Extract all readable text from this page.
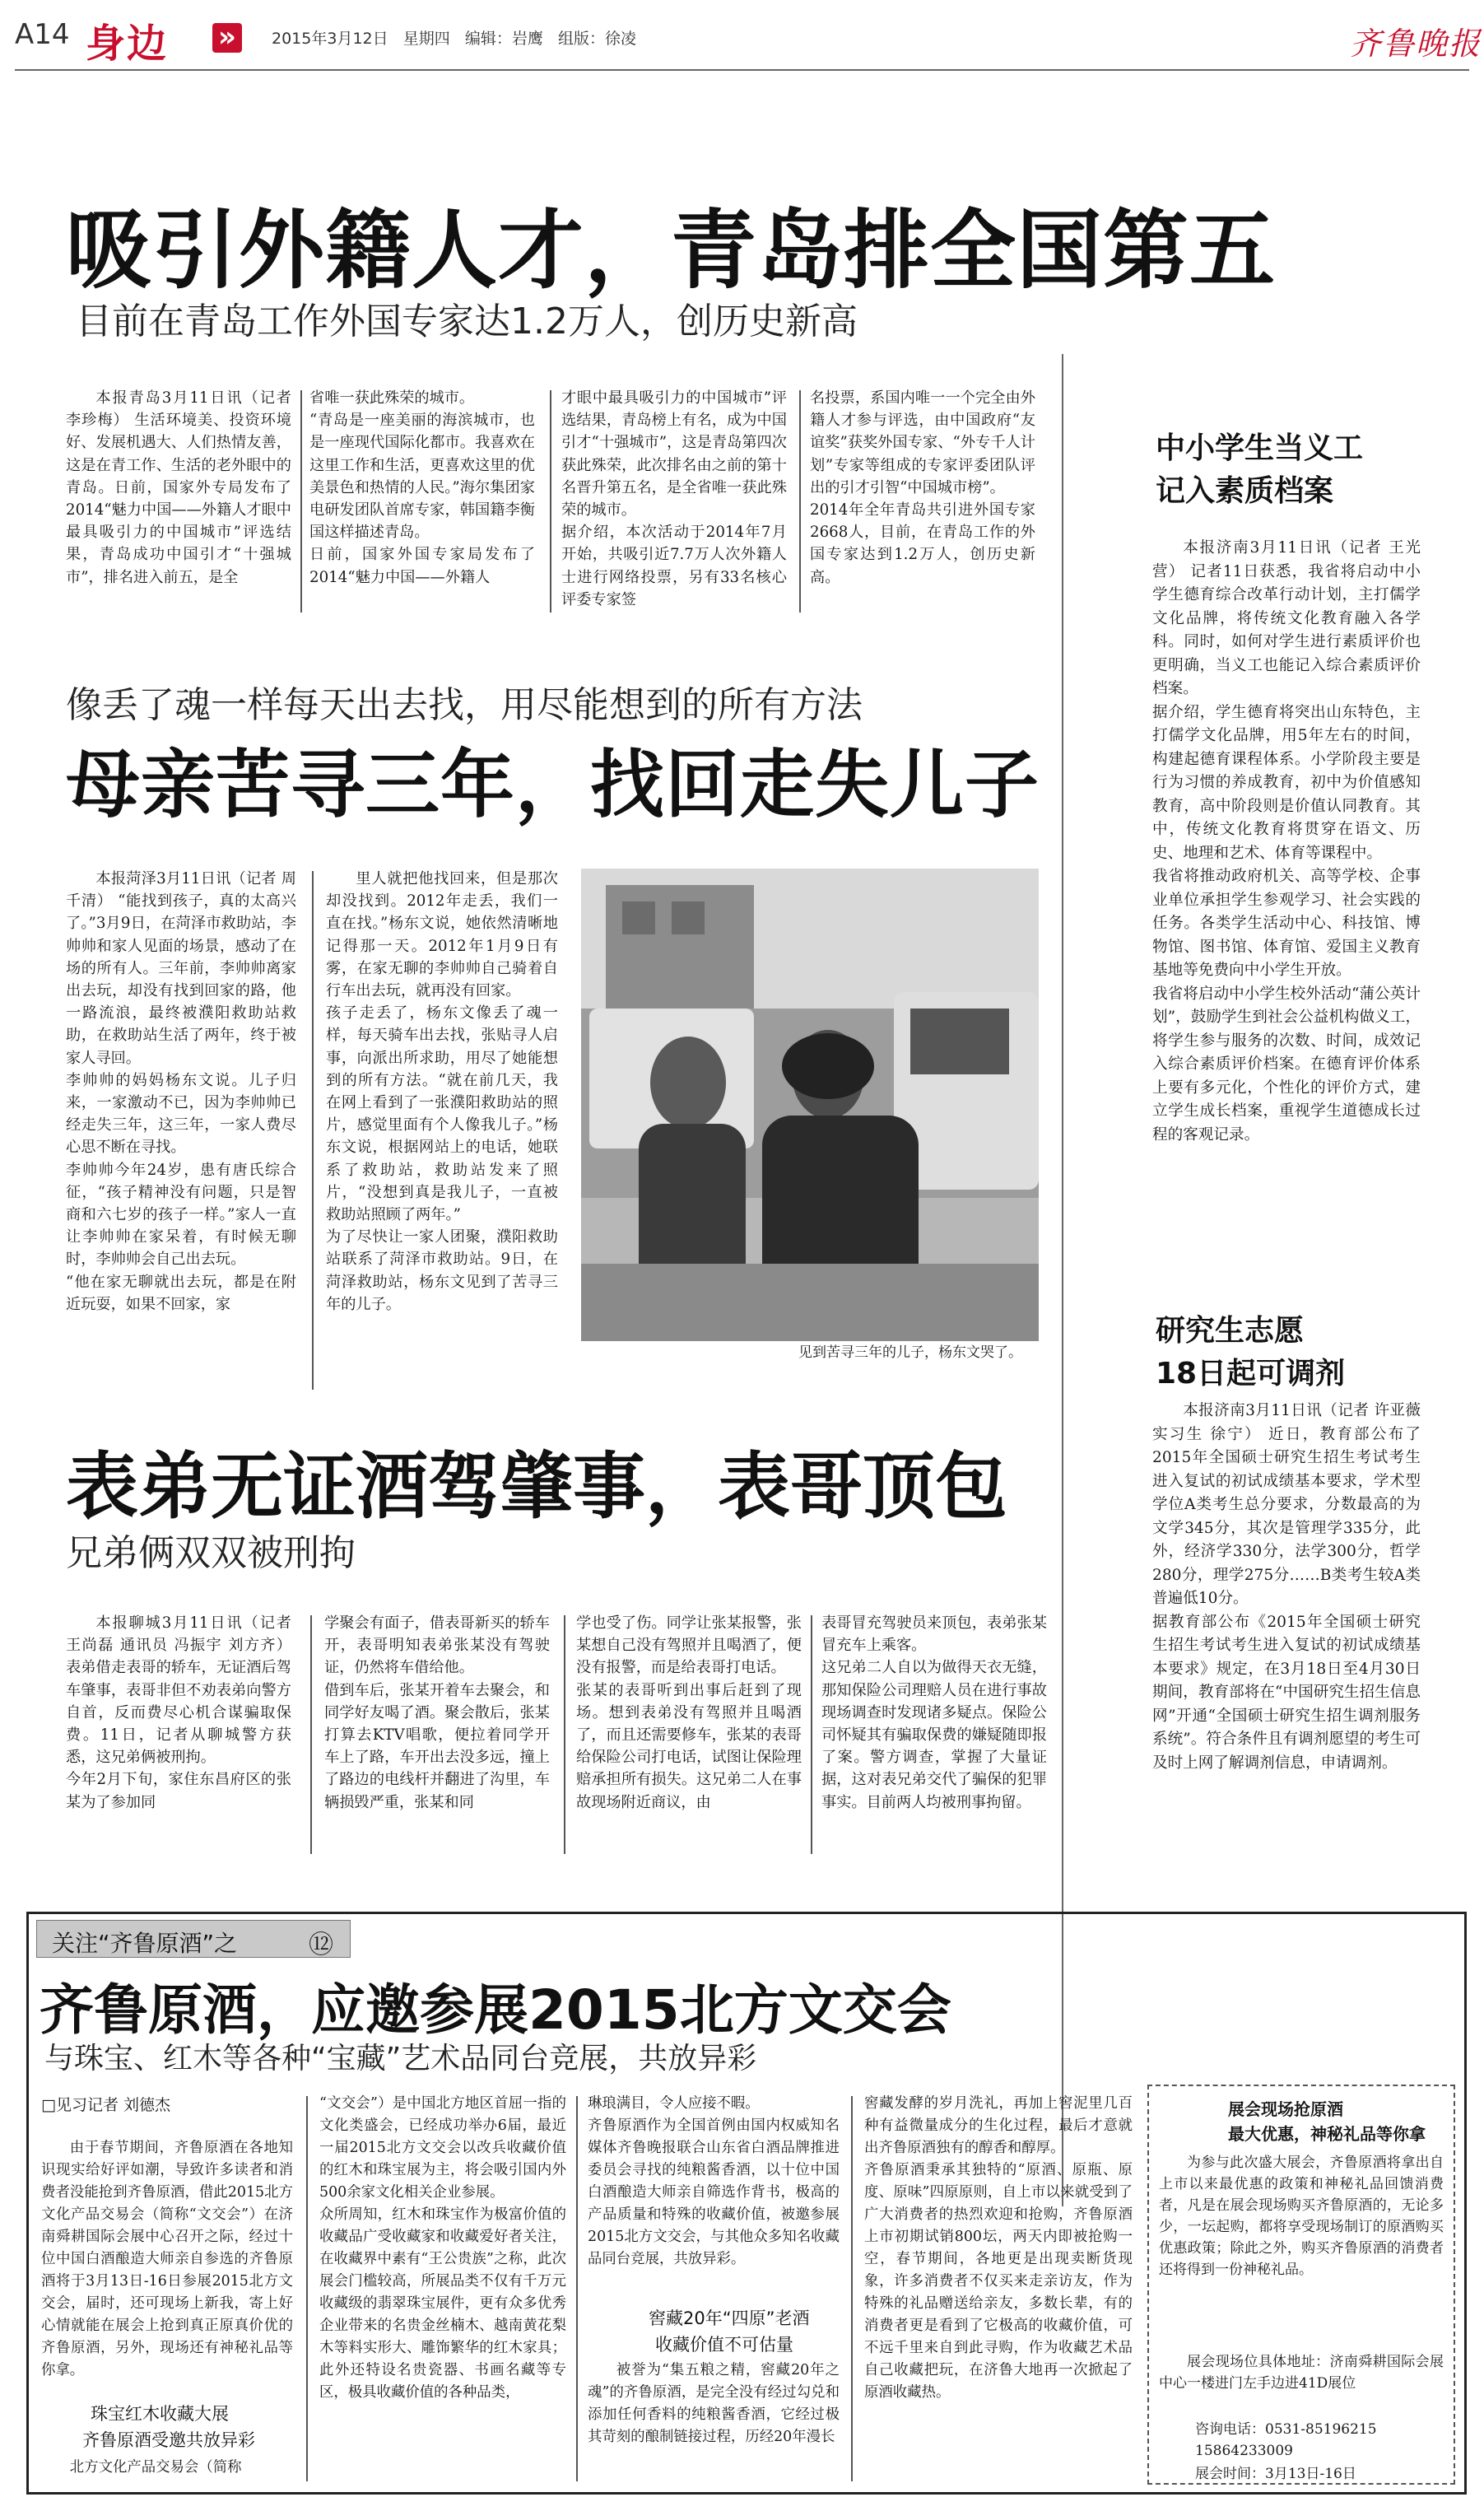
A14 身边 »	2015年3月12日 星期四 编辑：岩鹰 组版：徐凌	齐鲁晚报
吸引外籍人才，青岛排全国第五
目前在青岛工作外国专家达1.2万人，创历史新高
本报青岛3月11日讯（记者 李珍梅） 生活环境美、投资环境好、发展机遇大、人们热情友善，这是在青工作、生活的老外眼中的青岛。日前，国家外专局发布了2014“魅力中国——外籍人才眼中最具吸引力的中国城市”评选结果，青岛成功中国引才“十强城市”，排名进入前五，是全
省唯一获此殊荣的城市。
“青岛是一座美丽的海滨城市，也是一座现代国际化都市。我喜欢在这里工作和生活，更喜欢这里的优美景色和热情的人民。”海尔集团家电研发团队首席专家，韩国籍李衡国这样描述青岛。
日前，国家外国专家局发布了2014“魅力中国——外籍人
才眼中最具吸引力的中国城市”评选结果，青岛榜上有名，成为中国引才“十强城市”，这是青岛第四次获此殊荣，此次排名由之前的第十名晋升第五名，是全省唯一获此殊荣的城市。
据介绍，本次活动于2014年7月开始，共吸引近7.7万人次外籍人士进行网络投票，另有33名核心评委专家签
名投票，系国内唯一一个完全由外籍人才参与评选，由中国政府“友谊奖”获奖外国专家、“外专千人计划”专家等组成的专家评委团队评出的引才引智“中国城市榜”。
2014年全年青岛共引进外国专家2668人，目前，在青岛工作的外国专家达到1.2万人，创历史新高。
像丢了魂一样每天出去找，用尽能想到的所有方法
母亲苦寻三年，找回走失儿子
本报菏泽3月11日讯（记者 周千清） “能找到孩子，真的太高兴了。”3月9日，在菏泽市救助站，李帅帅和家人见面的场景，感动了在场的所有人。三年前，李帅帅离家出去玩，却没有找到回家的路，他一路流浪，最终被濮阳救助站救助，在救助站生活了两年，终于被家人寻回。
李帅帅的妈妈杨东文说。儿子归来，一家激动不已，因为李帅帅已经走失三年，这三年，一家人费尽心思不断在寻找。
李帅帅今年24岁，患有唐氏综合征，“孩子精神没有问题，只是智商和六七岁的孩子一样。”家人一直让李帅帅在家呆着，有时候无聊时，李帅帅会自己出去玩。
“他在家无聊就出去玩，都是在附近玩耍，如果不回家，家
里人就把他找回来，但是那次却没找到。2012年走丢，我们一直在找。”杨东文说，她依然清晰地记得那一天。2012年1月9日有雾，在家无聊的李帅帅自己骑着自行车出去玩，就再没有回家。
孩子走丢了，杨东文像丢了魂一样，每天骑车出去找，张贴寻人启事，向派出所求助，用尽了她能想到的所有方法。“就在前几天，我在网上看到了一张濮阳救助站的照片，感觉里面有个人像我儿子。”杨东文说，根据网站上的电话，她联系了救助站，救助站发来了照片，“没想到真是我儿子，一直被救助站照顾了两年。”
为了尽快让一家人团聚，濮阳救助站联系了菏泽市救助站。9日，在菏泽救助站，杨东文见到了苦寻三年的儿子。
见到苦寻三年的儿子，杨东文哭了。
表弟无证酒驾肇事，表哥顶包
兄弟俩双双被刑拘
本报聊城3月11日讯（记者 王尚磊 通讯员 冯振宇 刘方齐） 表弟借走表哥的轿车，无证酒后驾车肇事，表哥非但不劝表弟向警方自首，反而费尽心机合谋骗取保费。11日，记者从聊城警方获悉，这兄弟俩被刑拘。
今年2月下旬，家住东昌府区的张某为了参加同
学聚会有面子，借表哥新买的轿车开，表哥明知表弟张某没有驾驶证，仍然将车借给他。
借到车后，张某开着车去聚会，和同学好友喝了酒。聚会散后，张某打算去KTV唱歌，便拉着同学开车上了路，车开出去没多远，撞上了路边的电线杆并翻进了沟里，车辆损毁严重，张某和同
学也受了伤。同学让张某报警，张某想自己没有驾照并且喝酒了，便没有报警，而是给表哥打电话。
张某的表哥听到出事后赶到了现场。想到表弟没有驾照并且喝酒了，而且还需要修车，张某的表哥给保险公司打电话，试图让保险理赔承担所有损失。这兄弟二人在事故现场附近商议，由
表哥冒充驾驶员来顶包，表弟张某冒充车上乘客。
这兄弟二人自以为做得天衣无缝，那知保险公司理赔人员在进行事故现场调查时发现诸多疑点。保险公司怀疑其有骗取保费的嫌疑随即报了案。警方调查，掌握了大量证据，这对表兄弟交代了骗保的犯罪事实。目前两人均被刑事拘留。
中小学生当义工
记入素质档案
本报济南3月11日讯（记者 王光营） 记者11日获悉，我省将启动中小学生德育综合改革行动计划，主打儒学文化品牌，将传统文化教育融入各学科。同时，如何对学生进行素质评价也更明确，当义工也能记入综合素质评价档案。
据介绍，学生德育将突出山东特色，主打儒学文化品牌，用5年左右的时间，构建起德育课程体系。小学阶段主要是行为习惯的养成教育，初中为价值感知教育，高中阶段则是价值认同教育。其中，传统文化教育将贯穿在语文、历史、地理和艺术、体育等课程中。
我省将推动政府机关、高等学校、企事业单位承担学生参观学习、社会实践的任务。各类学生活动中心、科技馆、博物馆、图书馆、体育馆、爱国主义教育基地等免费向中小学生开放。
我省将启动中小学生校外活动“蒲公英计划”，鼓励学生到社会公益机构做义工，将学生参与服务的次数、时间，成效记入综合素质评价档案。在德育评价体系上要有多元化，个性化的评价方式，建立学生成长档案，重视学生道德成长过程的客观记录。
研究生志愿
18日起可调剂
本报济南3月11日讯（记者 许亚薇 实习生 徐宁） 近日，教育部公布了2015年全国硕士研究生招生考试考生进入复试的初试成绩基本要求，学术型学位A类考生总分要求，分数最高的为文学345分，其次是管理学335分，此外，经济学330分，法学300分，哲学280分，理学275分……B类考生较A类普遍低10分。
据教育部公布《2015年全国硕士研究生招生考试考生进入复试的初试成绩基本要求》规定，在3月18日至4月30日期间，教育部将在“中国研究生招生信息网”开通“全国硕士研究生招生调剂服务系统”。符合条件且有调剂愿望的考生可及时上网了解调剂信息，申请调剂。
关注“齐鲁原酒”之	⑫
齐鲁原酒，应邀参展2015北方文交会
与珠宝、红木等各种“宝藏”艺术品同台竞展，共放异彩
□见习记者 刘德杰
由于春节期间，齐鲁原酒在各地知识现实给好评如潮，导致许多读者和消费者没能抢到齐鲁原酒，借此2015北方文化产品交易会（简称“文交会”）在济南舜耕国际会展中心召开之际，经过十位中国白酒酿造大师亲自参选的齐鲁原酒将于3月13日-16日参展2015北方文交会，届时，还可现场上新我，寄上好心情就能在展会上抢到真正原真价优的齐鲁原酒，另外，现场还有神秘礼品等你拿。
珠宝红木收藏大展
齐鲁原酒受邀共放异彩
北方文化产品交易会（简称
“文交会”）是中国北方地区首屈一指的文化类盛会，已经成功举办6届，最近一届2015北方文交会以改兵收藏价值的红木和珠宝展为主，将会吸引国内外500余家文化相关企业参展。
众所周知，红木和珠宝作为极富价值的收藏品广受收藏家和收藏爱好者关注，在收藏界中素有“王公贵族”之称，此次展会门槛较高，所展品类不仅有千万元收藏级的翡翠珠宝展件，更有众多优秀企业带来的名贵金丝楠木、越南黄花梨木等料实形大、雕饰繁华的红木家具；此外还特设名贵瓷器、书画名藏等专区，极具收藏价值的各种品类，
琳琅满目，令人应接不暇。
齐鲁原酒作为全国首例由国内权威知名媒体齐鲁晚报联合山东省白酒品牌推进委员会寻找的纯粮酱香酒，以十位中国白酒酿造大师亲自筛选作背书，极高的产品质量和特殊的收藏价值，被邀参展2015北方文交会，与其他众多知名收藏品同台竞展，共放异彩。
窖藏20年“四原”老酒
收藏价值不可估量
被誉为“集五粮之精，窖藏20年之魂”的齐鲁原酒，是完全没有经过勾兑和添加任何香料的纯粮酱香酒，它经过极其苛刻的酿制链接过程，历经20年漫长
窖藏发酵的岁月洗礼，再加上窖泥里几百种有益微量成分的生化过程，最后才意就出齐鲁原酒独有的醇香和醇厚。
齐鲁原酒秉承其独特的“原酒、原瓶、原度、原味”四原原则，自上市以来就受到了广大消费者的热烈欢迎和抢购，齐鲁原酒上市初期试销800坛，两天内即被抢购一空，春节期间，各地更是出现卖断货现象，许多消费者不仅买来走亲访友，作为特殊的礼品赠送给亲友，多数长辈，有的消费者更是看到了它极高的收藏价值，可不远千里来自到此寻购，作为收藏艺术品自己收藏把玩，在济鲁大地再一次掀起了原酒收藏热。
展会现场抢原酒
最大优惠，神秘礼品等你拿
为参与此次盛大展会，齐鲁原酒将拿出自上市以来最优惠的政策和神秘礼品回馈消费者，凡是在展会现场购买齐鲁原酒的，无论多少，一坛起购，都将享受现场制订的原酒购买优惠政策；除此之外，购买齐鲁原酒的消费者还将得到一份神秘礼品。
展会现场位具体地址：济南舜耕国际会展中心一楼进门左手边进41D展位
咨询电话：0531-85196215
15864233009
展会时间：3月13日-16日
